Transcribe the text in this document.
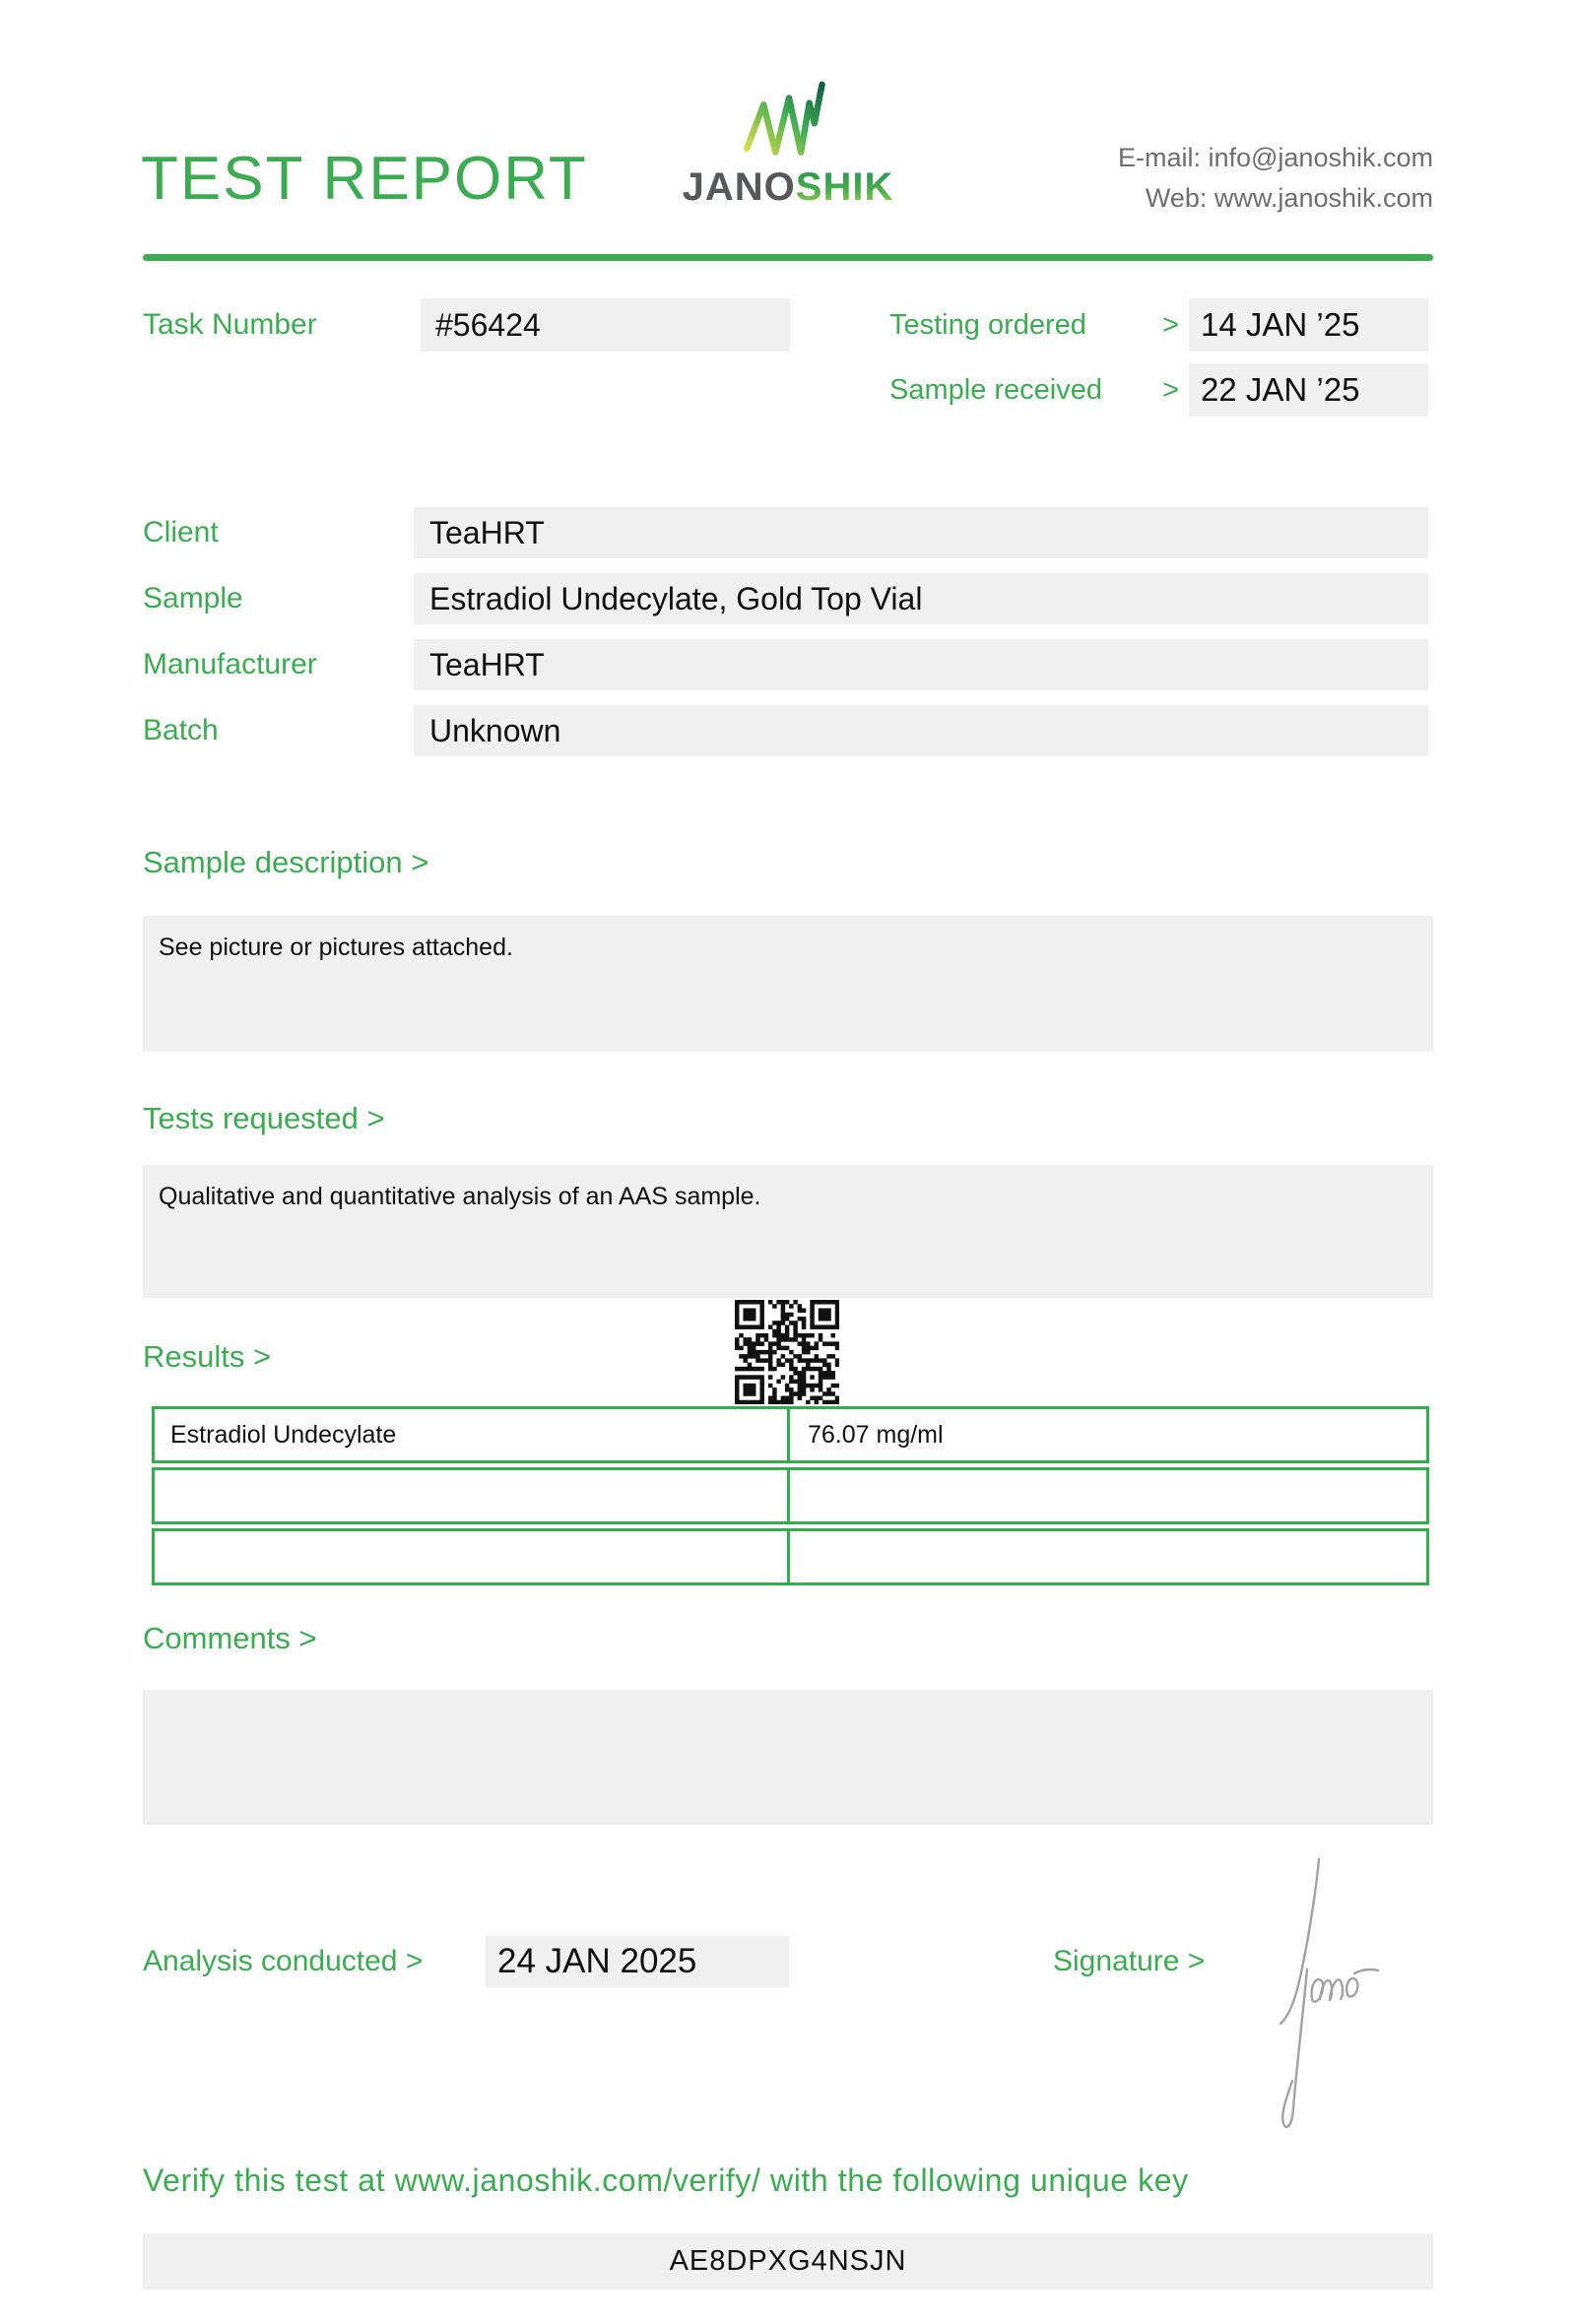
TEST REPORT	JANOSHIK
E-mail: info@janoshik.com
Web: www.janoshik.com
Task Number	#56424	Testing ordered	> 14 JAN ’25
Sample received > 22 JAN ’25
Client	TeaHRT
Sample	Estradiol Undecylate, Gold Top Vial
Manufacturer	TeaHRT
Batch	Unknown
Sample description >
See picture or pictures attached.
Tests requested >
Qualitative and quantitative analysis of an AAS sample.
Results >
Estradiol Undecylate	76.07 mg/ml
Comments >
Analysis conducted >	24 JAN 2025	Signature >
Verify this test at www.janoshik.com/verify/ with the following unique key
AE8DPXG4NSJN
